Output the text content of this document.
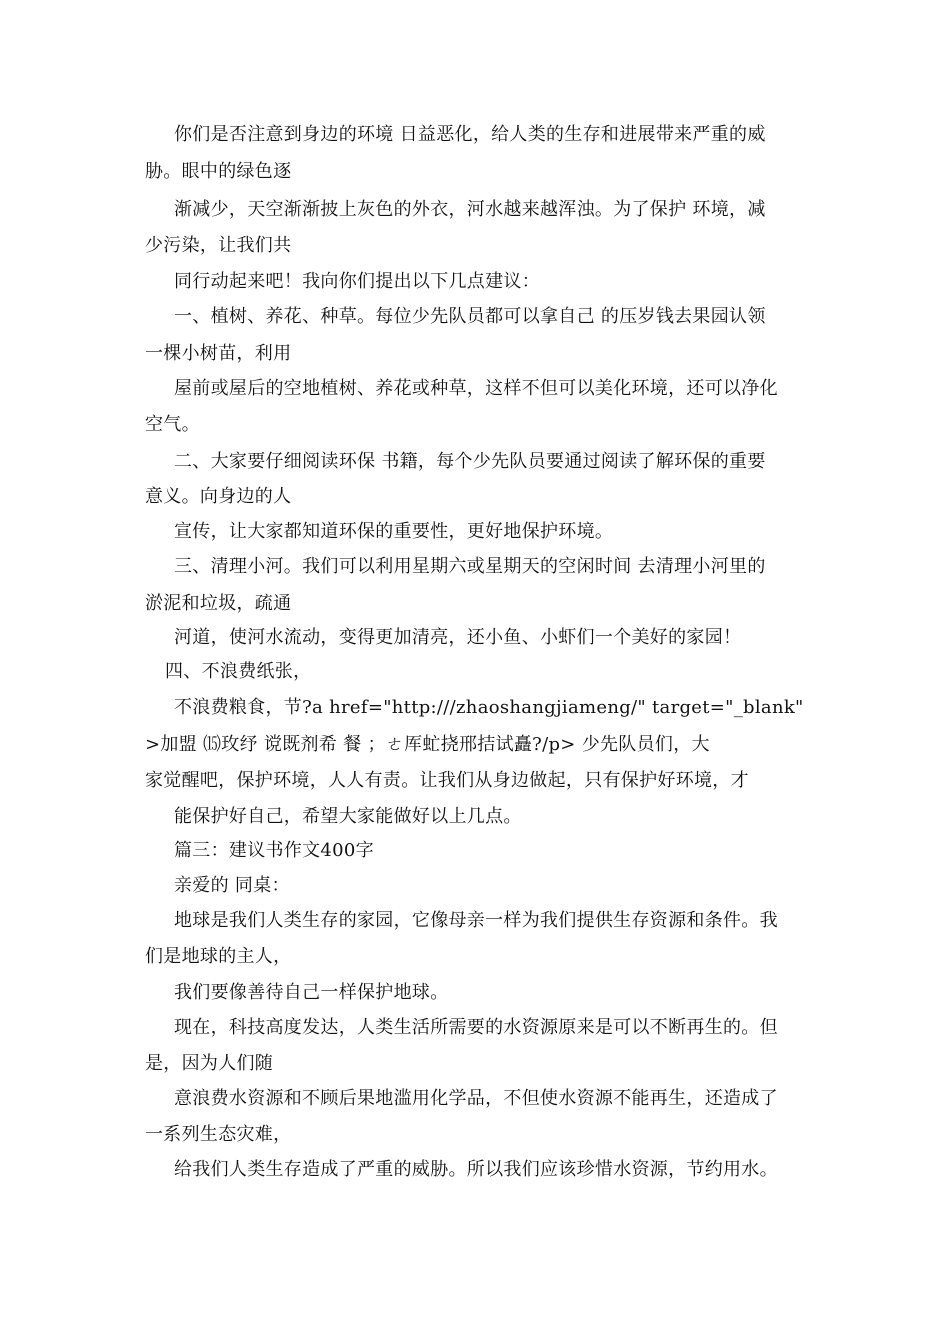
你们是否注意到身边的环境 日益恶化，给人类的生存和进展带来严重的威
胁。眼中的绿色逐
渐减少，天空渐渐披上灰色的外衣，河水越来越浑浊。为了保护 环境，减
少污染，让我们共
同行动起来吧！我向你们提出以下几点建议：
一、植树、养花、种草。每位少先队员都可以拿自己 的压岁钱去果园认领
一棵小树苗，利用
屋前或屋后的空地植树、养花或种草，这样不但可以美化环境，还可以净化
空气。
二、大家要仔细阅读环保 书籍，每个少先队员要通过阅读了解环保的重要
意义。向身边的人
宣传，让大家都知道环保的重要性，更好地保护环境。
三、清理小河。我们可以利用星期六或星期天的空闲时间 去清理小河里的
淤泥和垃圾，疏通
河道，使河水流动，变得更加清亮，还小鱼、小虾们一个美好的家园！
四、不浪费纸张，
不浪费粮食，节?a href="http:///zhaoshangjiameng/" target="_blank"
>加盟 ⒂玫纾 谠既剂希 餐 ；ㄜ厍虻挠邢拮试矗?/p> 少先队员们，大
家觉醒吧，保护环境，人人有责。让我们从身边做起，只有保护好环境，才
能保护好自己，希望大家能做好以上几点。
篇三：建议书作文400字
亲爱的 同桌：
地球是我们人类生存的家园，它像母亲一样为我们提供生存资源和条件。我
们是地球的主人，
我们要像善待自己一样保护地球。
现在，科技高度发达，人类生活所需要的水资源原来是可以不断再生的。但
是，因为人们随
意浪费水资源和不顾后果地滥用化学品，不但使水资源不能再生，还造成了
一系列生态灾难，
给我们人类生存造成了严重的威胁。所以我们应该珍惜水资源，节约用水。
